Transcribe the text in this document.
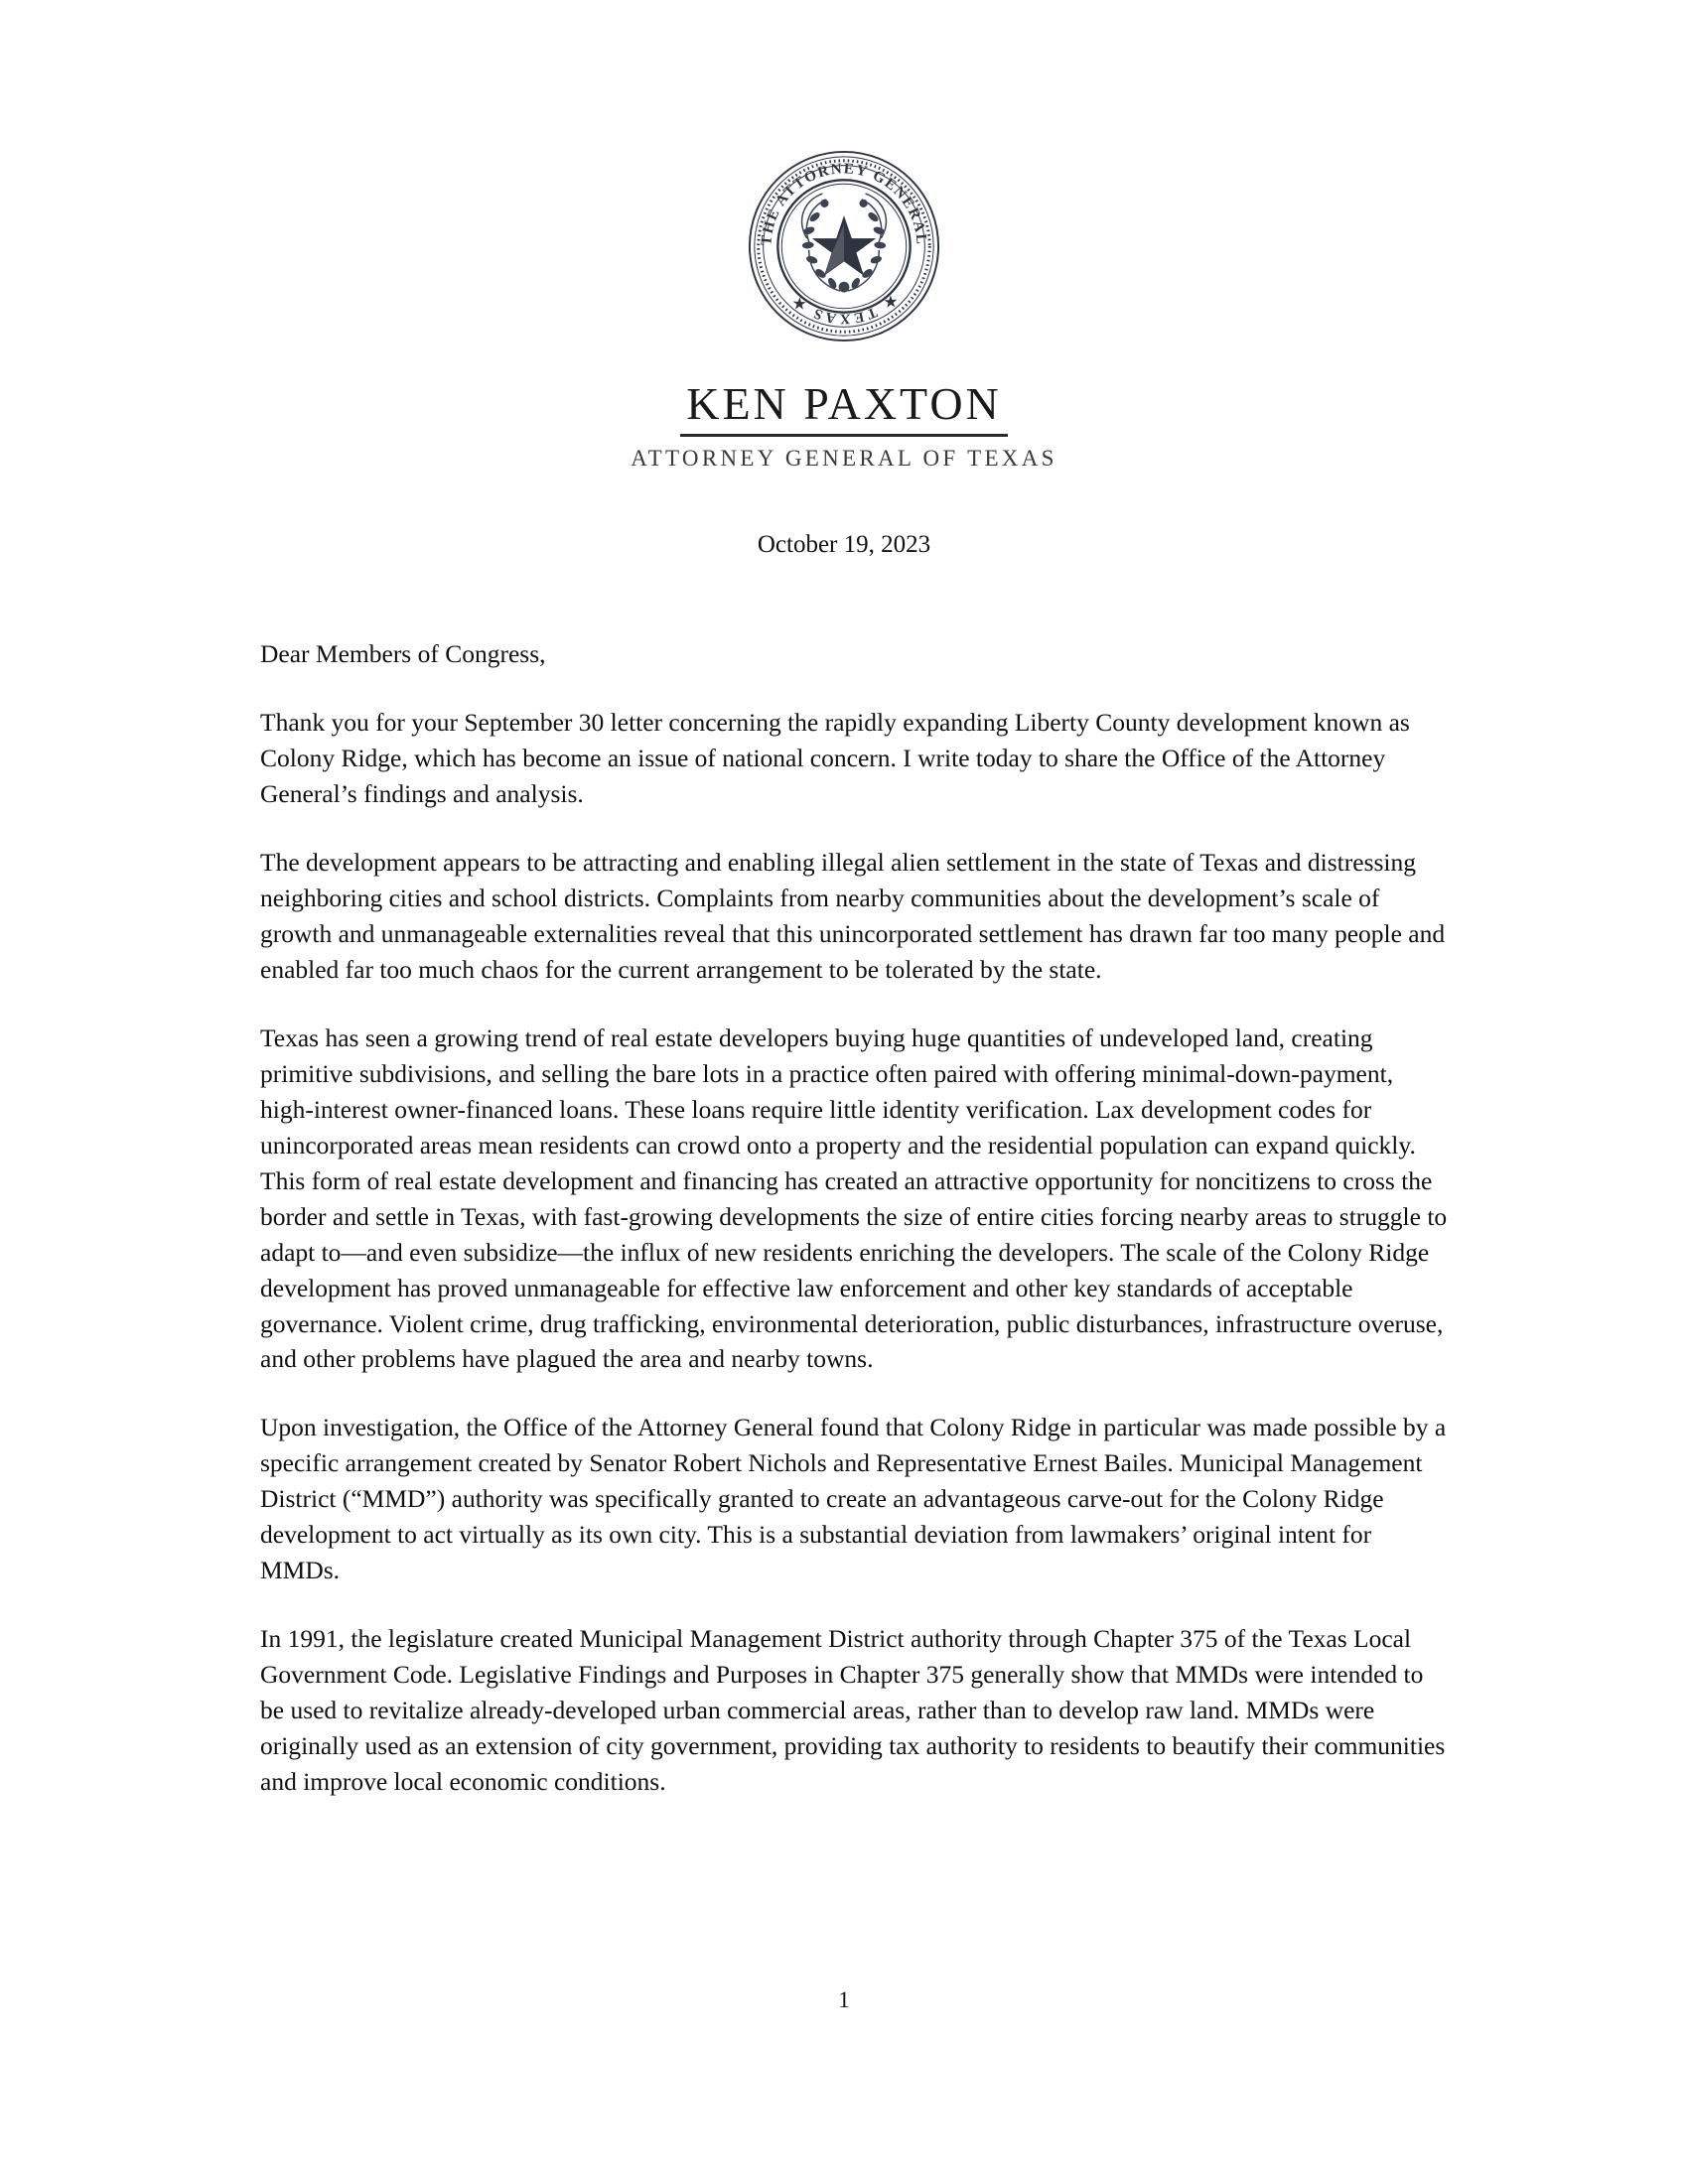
THE ATTORNEY GENERAL
★ TEXAS ★
KEN PAXTON
ATTORNEY GENERAL OF TEXAS
October 19, 2023
Dear Members of Congress,

Thank you for your September 30 letter concerning the rapidly expanding Liberty County development known as Colony Ridge, which has become an issue of national concern. I write today to share the Office of the Attorney General’s findings and analysis.

The development appears to be attracting and enabling illegal alien settlement in the state of Texas and distressing neighboring cities and school districts. Complaints from nearby communities about the development’s scale of growth and unmanageable externalities reveal that this unincorporated settlement has drawn far too many people and enabled far too much chaos for the current arrangement to be tolerated by the state.

Texas has seen a growing trend of real estate developers buying huge quantities of undeveloped land, creating primitive subdivisions, and selling the bare lots in a practice often paired with offering minimal-down-payment, high-interest owner-financed loans. These loans require little identity verification. Lax development codes for unincorporated areas mean residents can crowd onto a property and the residential population can expand quickly. This form of real estate development and financing has created an attractive opportunity for noncitizens to cross the border and settle in Texas, with fast-growing developments the size of entire cities forcing nearby areas to struggle to adapt to—and even subsidize—the influx of new residents enriching the developers. The scale of the Colony Ridge development has proved unmanageable for effective law enforcement and other key standards of acceptable governance. Violent crime, drug trafficking, environmental deterioration, public disturbances, infrastructure overuse, and other problems have plagued the area and nearby towns.

Upon investigation, the Office of the Attorney General found that Colony Ridge in particular was made possible by a specific arrangement created by Senator Robert Nichols and Representative Ernest Bailes. Municipal Management District (“MMD”) authority was specifically granted to create an advantageous carve-out for the Colony Ridge development to act virtually as its own city. This is a substantial deviation from lawmakers’ original intent for MMDs.

In 1991, the legislature created Municipal Management District authority through Chapter 375 of the Texas Local Government Code. Legislative Findings and Purposes in Chapter 375 generally show that MMDs were intended to be used to revitalize already-developed urban commercial areas, rather than to develop raw land. MMDs were originally used as an extension of city government, providing tax authority to residents to beautify their communities and improve local economic conditions.

1
